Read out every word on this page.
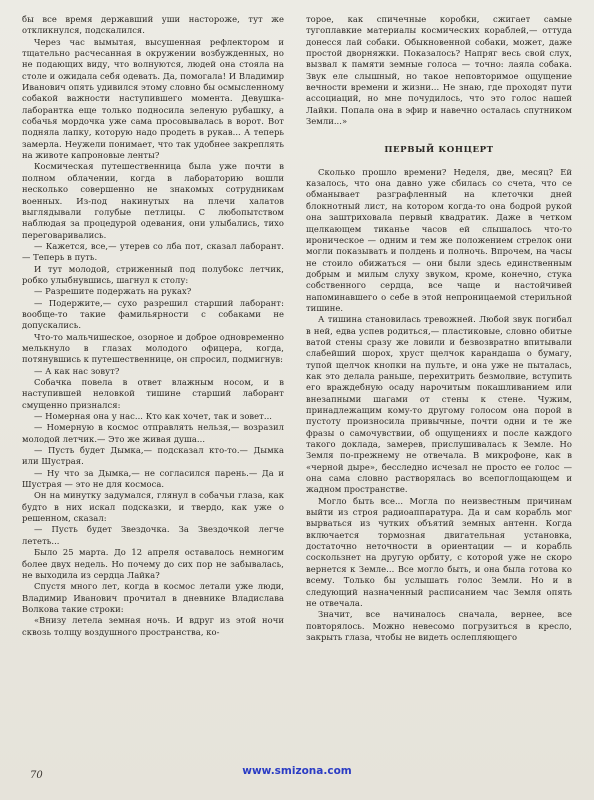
бы все время державший уши настороже, тут же откликнулся, подскалился.

Через час вымытая, высушенная рефлектором и тщательно расчесанная в окружении возбужденных, но не подающих виду, что волнуются, людей она стояла на столе и ожидала себя одевать. Да, помогала! И Владимир Иванович опять удивился этому словно бы осмысленному собакой важности наступившего момента. Девушка-лаборантка еще только подносила зеленую рубашку, а собачья мордочка уже сама просовывалась в ворот. Вот подняла лапку, которую надо продеть в рукав... А теперь замерла. Неужели понимает, что так удобнее закреплять на животе капроновые ленты?

Космическая путешественница была уже почти в полном облачении, когда в лабораторию вошли несколько совершенно не знакомых сотрудникам военных. Из-под накинутых на плечи халатов выглядывали голубые петлицы. С любопытством наблюдая за процедурой одевания, они улыбались, тихо переговаривались.

— Кажется, все,— утерев со лба пот, сказал лаборант.— Теперь в путь.

И тут молодой, стриженный под полубокс летчик, робко улыбнувшись, шагнул к столу:

— Разрешите подержать на руках?

— Подержите,— сухо разрешил старший лаборант: вообще-то такие фамильярности с собаками не допускались.

Что-то мальчишеское, озорное и доброе одновременно мелькнуло в глазах молодого офицера, когда, потянувшись к путешественнице, он спросил, подмигнув:

— А как нас зовут?

Собачка повела в ответ влажным носом, и в наступившей неловкой тишине старший лаборант смущенно признался:

— Номерная она у нас... Кто как хочет, так и зовет...

— Номерную в космос отправлять нельзя,— возразил молодой летчик.— Это же живая душа...

— Пусть будет Дымка,— подсказал кто-то.— Дымка или Шустрая.

— Ну что за Дымка,— не согласился парень.— Да и Шустрая — это не для космоса.

Он на минутку задумался, глянул в собачьи глаза, как будто в них искал подсказки, и твердо, как уже о решенном, сказал:

— Пусть будет Звездочка. За Звездочкой легче лететь...

Было 25 марта. До 12 апреля оставалось немногим более двух недель. Но почему до сих пор не забывалась, не выходила из сердца Лайка?

Спустя много лет, когда в космос летали уже люди, Владимир Иванович прочитал в дневнике Владислава Волкова такие строки:

«Внизу летела земная ночь. И вдруг из этой ночи сквозь толщу воздушного пространства, ко-

торое, как спичечные коробки, сжигает самые тугоплавкие материалы космических кораблей,— оттуда донесся лай собаки. Обыкновенной собаки, может, даже простой дворняжки. Показалось? Напряг весь свой слух, вызвал к памяти земные голоса — точно: лаяла собака. Звук еле слышный, но такое неповторимое ощущение вечности времени и жизни... Не знаю, где проходят пути ассоциаций, но мне почудилось, что это голос нашей Лайки. Попала она в эфир и навечно осталась спутником Земли...»

ПЕРВЫЙ КОНЦЕРТ

Сколько прошло времени? Неделя, две, месяц? Ей казалось, что она давно уже сбилась со счета, что се обманывает разграфленный на клеточки дней блокнотный лист, на котором когда-то она бодрой рукой она заштриховала первый квадратик. Даже в четком щелкающем тиканье часов ей слышалось что-то ироническое — одним и тем же положением стрелок они могли показывать и полдень и полночь. Впрочем, на часы не стоило обижаться — они были здесь единственным добрым и милым слуху звуком, кроме, конечно, стука собственного сердца, все чаще и настойчивей напоминавшего о себе в этой непроницаемой стерильной тишине.

А тишина становилась тревожней. Любой звук погибал в ней, едва успев родиться,— пластиковые, словно обитые ватой стены сразу же ловили и безвозвратно впитывали слабейший шорох, хруст щелчок карандаша о бумагу, тупой щелчок кнопки на пульте, и она уже не пыталась, как это делала раньше, перехитрить безмолвие, вступить его враждебную осаду нарочитым покашливанием или внезапными шагами от стены к стене. Чужим, принадлежащим кому-то другому голосом она порой в пустоту произносила привычные, почти одни и те же фразы о самочувствии, об ощущениях и после каждого такого доклада, замерев, прислушивалась к Земле. Но Земля по-прежнему не отвечала. В микрофоне, как в «черной дыре», бесследно исчезал не просто ее голос — она сама словно растворялась во всепоглощающем и жадном пространстве.

Могло быть все... Могла по неизвестным причинам выйти из строя радиоаппаратура. Да и сам корабль мог вырваться из чутких объятий земных антенн. Когда включается тормозная двигательная установка, достаточно неточности в ориентации — и корабль соскользнет на другую орбиту, с которой уже не скоро вернется к Земле... Все могло быть, и она была готова ко всему. Только бы услышать голос Земли. Но и в следующий назначенный расписанием час Земля опять не отвечала.

Значит, все начиналось сначала, вернее, все повторялось. Можно невесомо погрузиться в кресло, закрыть глаза, чтобы не видеть ослепляющего

70	www.smizona.com
